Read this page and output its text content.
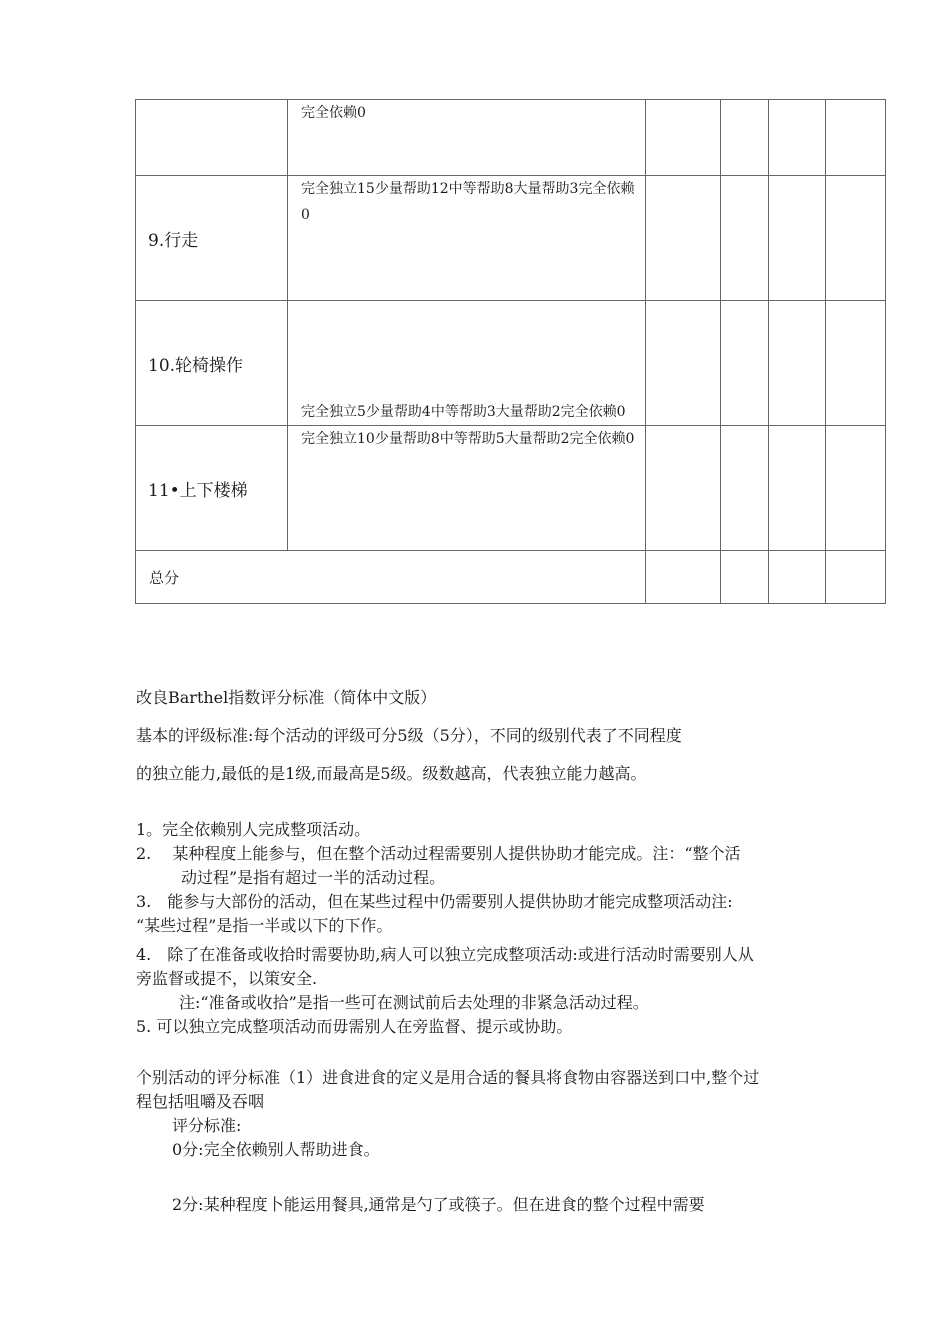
	完全依赖0				
9.行走	完全独立15少量帮助12中等帮助8大量帮助3完全依赖0				
10.轮椅操作	完全独立5少量帮助4中等帮助3大量帮助2完全依赖0				
11•上下楼梯	完全独立10少量帮助8中等帮助5大量帮助2完全依赖0				
总分					
改良Barthel指数评分标准（简体中文版）
基本的评级标准:每个活动的评级可分5级（5分），不同的级别代表了不同程度
的独立能力,最低的是1级,而最高是5级。级数越高，代表独立能力越高。
1。完全依赖别人完成整项活动。
2.　 某种程度上能参与，但在整个活动过程需要别人提供协助才能完成。注：“整个活
动过程”是指有超过一半的活动过程。
3.　能参与大部份的活动，但在某些过程中仍需要别人提供协助才能完成整项活动注:
“某些过程”是指一半或以下的下作。
4.　除了在准备或收拾时需要协助,病人可以独立完成整项活动:或进行活动时需要别人从
旁监督或提不，以策安全.
注:“准备或收拾”是指一些可在测试前后去处理的非紧急活动过程。
5. 可以独立完成整项活动而毋需别人在旁监督、提示或协助。
个别活动的评分标准（1）进食进食的定义是用合适的餐具将食物由容器送到口中,整个过
程包括咀嚼及吞咽
评分标准:
0分:完全依赖别人帮助进食。
2分:某种程度卜能运用餐具,通常是勺了或筷子。但在进食的整个过程中需要
